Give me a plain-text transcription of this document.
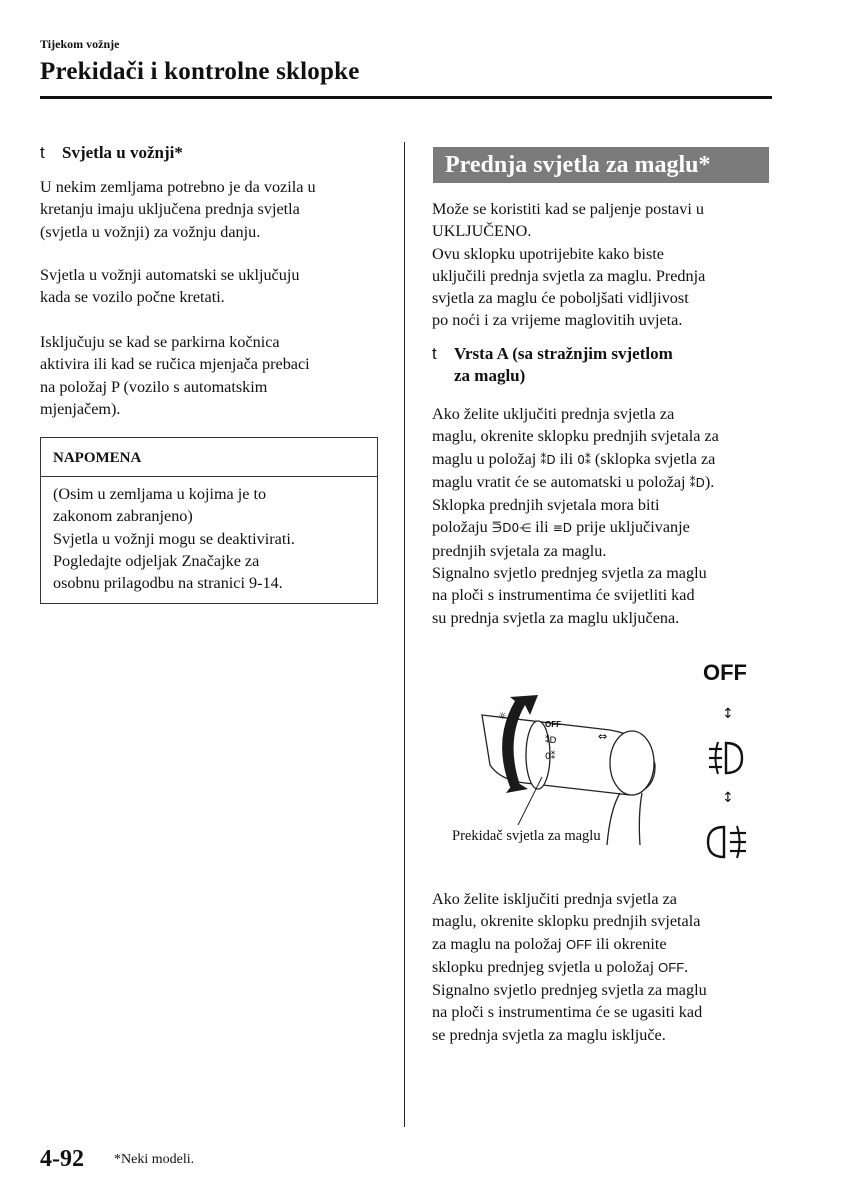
Tijekom vožnje
Prekidači i kontrolne sklopke
t Svjetla u vožnji*

U nekim zemljama potrebno je da vozila u

kretanju imaju uključena prednja svjetla

(svjetla u vožnji) za vožnju danju.

Svjetla u vožnji automatski se uključuju

kada se vozilo počne kretati.

Isključuju se kad se parkirna kočnica

aktivira ili kad se ručica mjenjača prebaci

na položaj P (vozilo s automatskim

mjenjačem).

NAPOMENA
(Osim u zemljama u kojima je to
zakonom zabranjeno)
Svjetla u vožnji mogu se deaktivirati.
Pogledajte odjeljak Značajke za
osobnu prilagodbu na stranici 9-14.
Prednja svjetla za maglu*

Može se koristiti kad se paljenje postavi u

UKLJUČENO.

Ovu sklopku upotrijebite kako biste

uključili prednja svjetla za maglu. Prednja

svjetla za maglu će poboljšati vidljivost

po noći i za vrijeme maglovitih uvjeta.

t Vrsta A (sa stražnjim svjetlom
za maglu)

Ako želite uključiti prednja svjetla za

maglu, okrenite sklopku prednjih svjetala za

maglu u položaj ⁑D ili 0⁑ (sklopka svjetla za

maglu vratit će se automatski u položaj ⁑D).

Sklopka prednjih svjetala mora biti

položaju ⋽D0⋲ ili ≡D prije uključivanje

prednjih svjetala za maglu.

Signalno svjetlo prednjeg svjetla za maglu

na ploči s instrumentima će svijetliti kad

su prednja svjetla za maglu uključena.

OFF
☼
OFF
⁑D
0⁑
⇔
Prekidač svjetla za maglu
↕
↕

Ako želite isključiti prednja svjetla za

maglu, okrenite sklopku prednjih svjetala

za maglu na položaj OFF ili okrenite

sklopku prednjeg svjetla u položaj OFF.

Signalno svjetlo prednjeg svjetla za maglu

na ploči s instrumentima će se ugasiti kad

se prednja svjetla za maglu isključe.

4-92 *Neki modeli.
